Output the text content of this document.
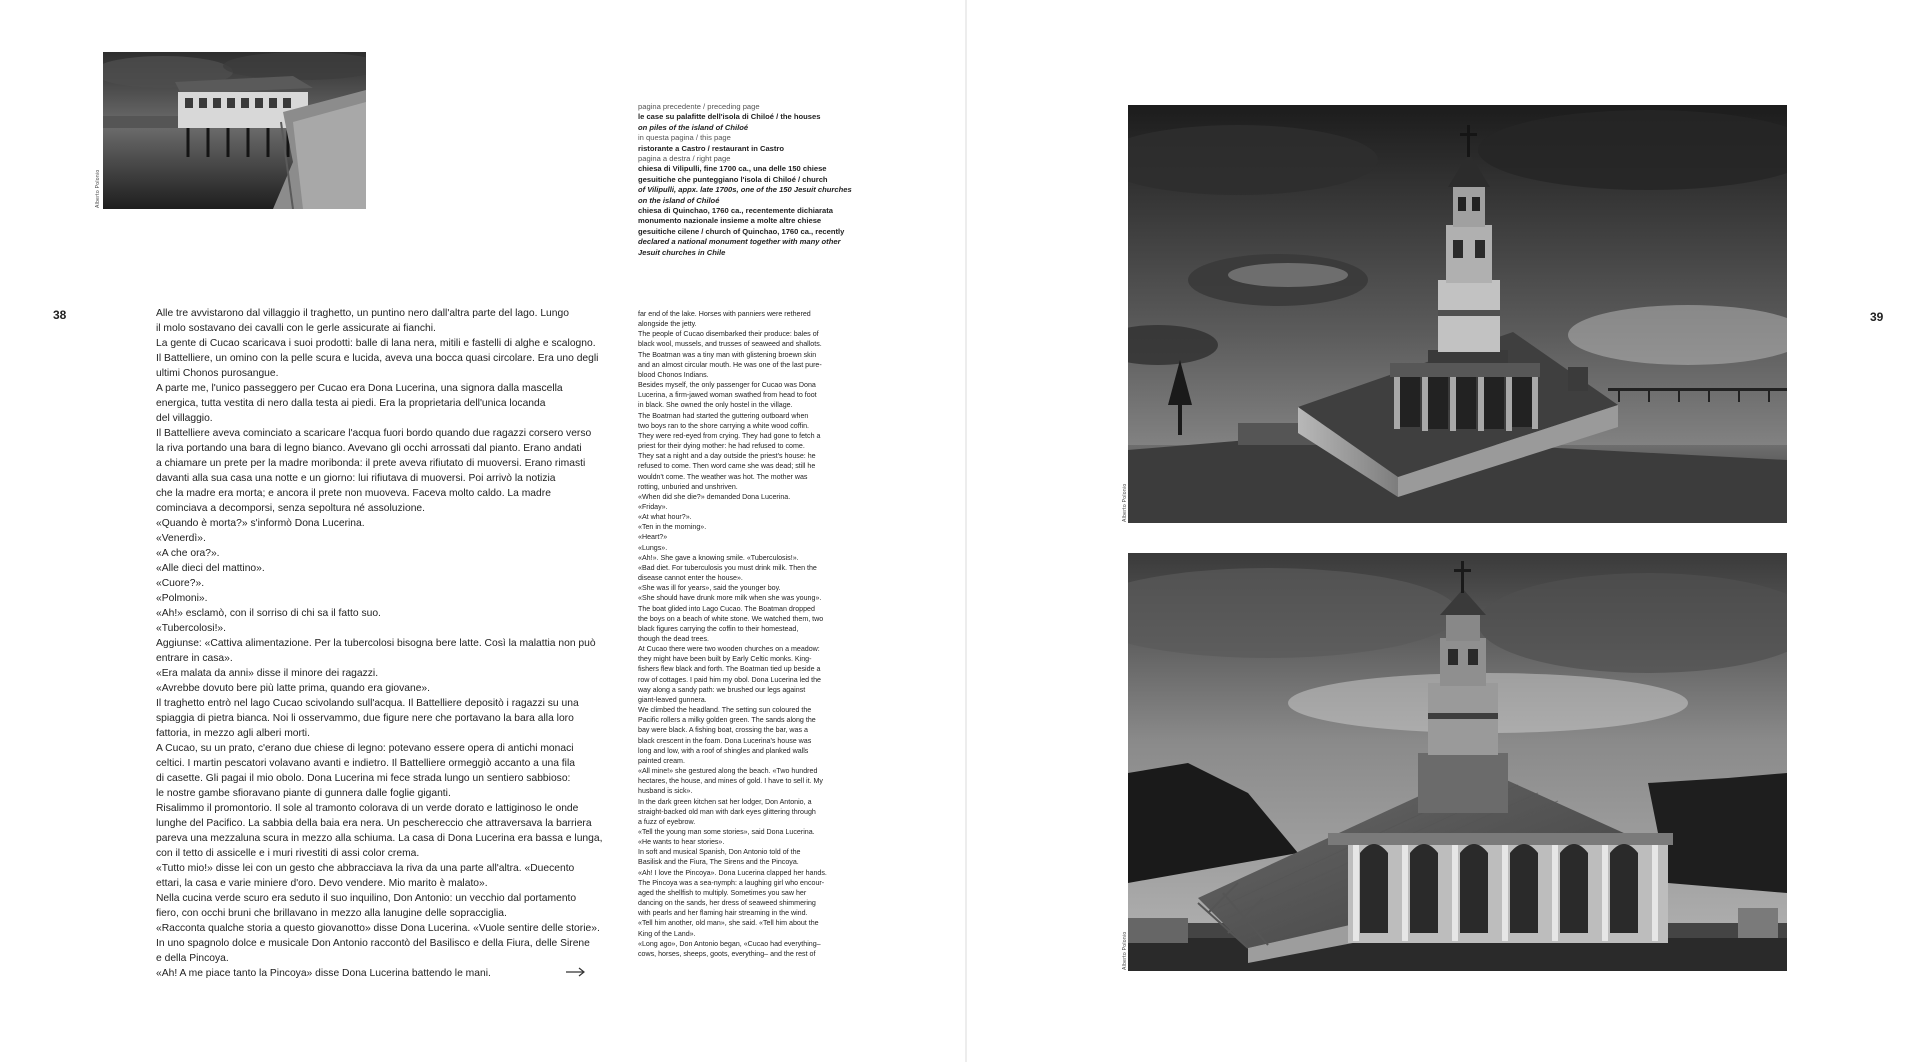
Alberto Polonio
pagina precedente / preceding page
le case su palafitte dell'isola di Chiloé / the houses
on piles of the island of Chiloé
in questa pagina / this page
ristorante a Castro / restaurant in Castro
pagina a destra / right page
chiesa di Vilipulli, fine 1700 ca., una delle 150 chiese
gesuitiche che punteggiano l'isola di Chiloé / church
of Vilipulli, appx. late 1700s, one of the 150 Jesuit churches
on the island of Chiloé
chiesa di Quinchao, 1760 ca., recentemente dichiarata
monumento nazionale insieme a molte altre chiese
gesuitiche cilene / church of Quinchao, 1760 ca., recently
declared a national monument together with many other
Jesuit churches in Chile
38	Alle tre avvistarono dal villaggio il traghetto, un puntino nero dall'altra parte del lago. Lungo
il molo sostavano dei cavalli con le gerle assicurate ai fianchi.
La gente di Cucao scaricava i suoi prodotti: balle di lana nera, mitili e fastelli di alghe e scalogno.
Il Battelliere, un omino con la pelle scura e lucida, aveva una bocca quasi circolare. Era uno degli
ultimi Chonos purosangue.
A parte me, l'unico passeggero per Cucao era Dona Lucerina, una signora dalla mascella
energica, tutta vestita di nero dalla testa ai piedi. Era la proprietaria dell'unica locanda
del villaggio.
Il Battelliere aveva cominciato a scaricare l'acqua fuori bordo quando due ragazzi corsero verso
la riva portando una bara di legno bianco. Avevano gli occhi arrossati dal pianto. Erano andati
a chiamare un prete per la madre moribonda: il prete aveva rifiutato di muoversi. Erano rimasti
davanti alla sua casa una notte e un giorno: lui rifiutava di muoversi. Poi arrivò la notizia
che la madre era morta; e ancora il prete non muoveva. Faceva molto caldo. La madre
cominciava a decomporsi, senza sepoltura né assoluzione.
«Quando è morta?» s'informò Dona Lucerina.
«Venerdì».
«A che ora?».
«Alle dieci del mattino».
«Cuore?».
«Polmoni».
«Ah!» esclamò, con il sorriso di chi sa il fatto suo.
«Tubercolosi!».
Aggiunse: «Cattiva alimentazione. Per la tubercolosi bisogna bere latte. Così la malattia non può
entrare in casa».
«Era malata da anni» disse il minore dei ragazzi.
«Avrebbe dovuto bere più latte prima, quando era giovane».
Il traghetto entrò nel lago Cucao scivolando sull'acqua. Il Battelliere depositò i ragazzi su una
spiaggia di pietra bianca. Noi li osservammo, due figure nere che portavano la bara alla loro
fattoria, in mezzo agli alberi morti.
A Cucao, su un prato, c'erano due chiese di legno: potevano essere opera di antichi monaci
celtici. I martin pescatori volavano avanti e indietro. Il Battelliere ormeggiò accanto a una fila
di casette. Gli pagai il mio obolo. Dona Lucerina mi fece strada lungo un sentiero sabbioso:
le nostre gambe sfioravano piante di gunnera dalle foglie giganti.
Risalimmo il promontorio. Il sole al tramonto colorava di un verde dorato e lattiginoso le onde
lunghe del Pacifico. La sabbia della baia era nera. Un peschereccio che attraversava la barriera
pareva una mezzaluna scura in mezzo alla schiuma. La casa di Dona Lucerina era bassa e lunga,
con il tetto di assicelle e i muri rivestiti di assi color crema.
«Tutto mio!» disse lei con un gesto che abbracciava la riva da una parte all'altra. «Duecento
ettari, la casa e varie miniere d'oro. Devo vendere. Mio marito è malato».
Nella cucina verde scuro era seduto il suo inquilino, Don Antonio: un vecchio dal portamento
fiero, con occhi bruni che brillavano in mezzo alla lanugine delle sopracciglia.
«Racconta qualche storia a questo giovanotto» disse Dona Lucerina. «Vuole sentire delle storie».
In uno spagnolo dolce e musicale Don Antonio raccontò del Basilisco e della Fiura, delle Sirene
e della Pincoya.
«Ah! A me piace tanto la Pincoya» disse Dona Lucerina battendo le mani.
far end of the lake. Horses with panniers were rethered
alongside the jetty.
The people of Cucao disembarked their produce: bales of
black wool, mussels, and trusses of seaweed and shallots.
The Boatman was a tiny man with glistening broewn skin
and an almost circular mouth. He was one of the last pure-
blood Chonos Indians.
Besides myself, the only passenger for Cucao was Dona
Lucerina, a firm-jawed woman swathed from head to foot
in black. She owned the only hostel in the village.
The Boatman had started the guttering outboard when
two boys ran to the shore carrying a white wood coffin.
They were red-eyed from crying. They had gone to fetch a
priest for their dying mother: he had refused to come.
They sat a night and a day outside the priest's house: he
refused to come. Then word came she was dead; still he
wouldn't come. The weather was hot. The mother was
rotting, unburied and unshriven.
«When did she die?» demanded Dona Lucerina.
«Friday».
«At what hour?».
«Ten in the morning».
«Heart?»
«Lungs».
«Ah!». She gave a knowing smile. «Tuberculosis!».
«Bad diet. For tuberculosis you must drink milk. Then the
disease cannot enter the house».
«She was ill for years», said the younger boy.
«She should have drunk more milk when she was young».
The boat glided into Lago Cucao. The Boatman dropped
the boys on a beach of white stone. We watched them, two
black figures carrying the coffin to their homestead,
though the dead trees.
At Cucao there were two wooden churches on a meadow:
they might have been built by Early Celtic monks. King-
fishers flew black and forth. The Boatman tied up beside a
row of cottages. I paid him my obol. Dona Lucerina led the
way along a sandy path: we brushed our legs against
giant-leaved gunnera.
We climbed the headland. The setting sun coloured the
Pacific rollers a milky golden green. The sands along the
bay were black. A fishing boat, crossing the bar, was a
black crescent in the foam. Dona Lucerina's house was
long and low, with a roof of shingles and planked walls
painted cream.
«All mine!» she gestured along the beach. «Two hundred
hectares, the house, and mines of gold. I have to sell it. My
husband is sick».
In the dark green kitchen sat her lodger, Don Antonio, a
straight-backed old man with dark eyes glittering through
a fuzz of eyebrow.
«Tell the young man some stories», said Dona Lucerina.
«He wants to hear stories».
In soft and musical Spanish, Don Antonio told of the
Basilisk and the Fiura, The Sirens and the Pincoya.
«Ah! I love the Pincoya». Dona Lucerina clapped her hands.
The Pincoya was a sea-nymph: a laughing girl who encour-
aged the shellfish to multiply. Sometimes you saw her
dancing on the sands, her dress of seaweed shimmering
with pearls and her flaming hair streaming in the wind.
«Tell him another, old man», she said. «Tell him about the
King of the Land».
«Long ago», Don Antonio began, «Cucao had everything–
cows, horses, sheeps, goots, everything– and the rest of
Alberto Polonio
Alberto Polonio
39
